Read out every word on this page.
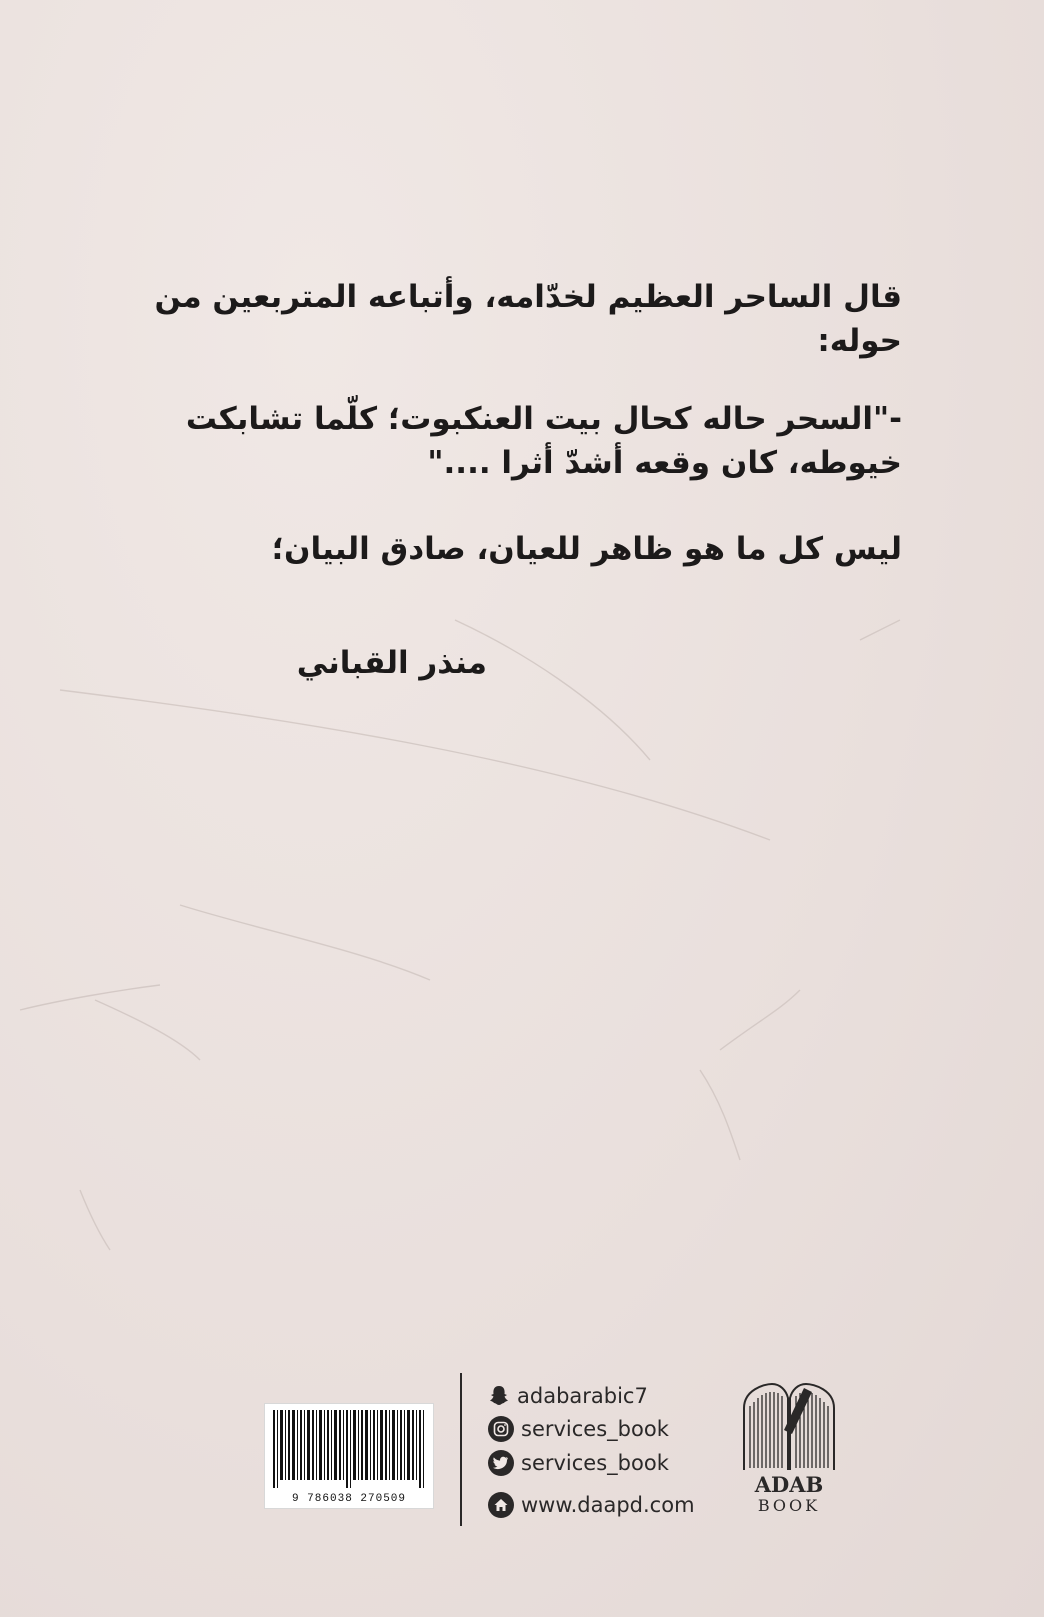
قال الساحر العظيم لخدّامه، وأتباعه المتربعين من حوله:

-"السحر حاله كحال بيت العنكبوت؛ كلّما تشابكت
خيوطه، كان وقعه أشدّ أثرا ...."

ليس كل ما هو ظاهر للعيان، صادق البيان؛

منذر القباني

9 786038 270509
adabarabic7
services_book
services_book
www.daapd.com
ADAB
BOOK
